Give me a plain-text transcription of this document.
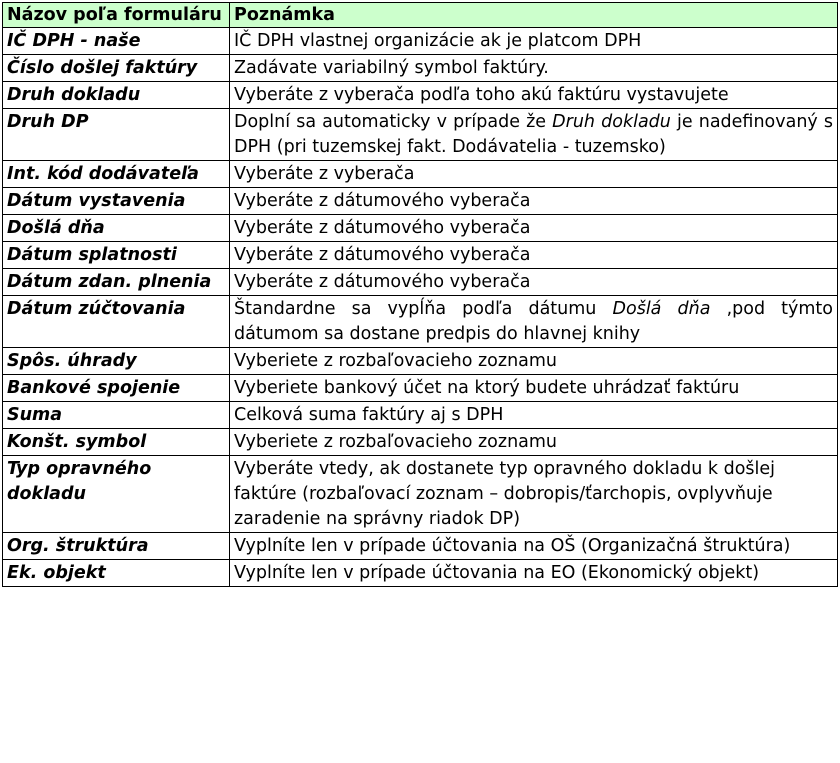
Názov poľa formuláru	Poznámka
IČ DPH - naše	IČ DPH vlastnej organizácie ak je platcom DPH
Číslo došlej faktúry	Zadávate variabilný symbol faktúry.
Druh dokladu	Vyberáte z vyberača podľa toho akú faktúru vystavujete
Druh DP	Doplní sa automaticky v prípade že Druh dokladu je nadefinovaný s DPH (pri tuzemskej fakt. Dodávatelia - tuzemsko)
Int. kód dodávateľa	Vyberáte z vyberača
Dátum vystavenia	Vyberáte z dátumového vyberača
Došlá dňa	Vyberáte z dátumového vyberača
Dátum splatnosti	Vyberáte z dátumového vyberača
Dátum zdan. plnenia	Vyberáte z dátumového vyberača
Dátum zúčtovania	Štandardne sa vypĺňa podľa dátumu Došlá dňa ,pod týmto dátumom sa dostane predpis do hlavnej knihy
Spôs. úhrady	Vyberiete z rozbaľovacieho zoznamu
Bankové spojenie	Vyberiete bankový účet na ktorý budete uhrádzať faktúru
Suma	Celková suma faktúry aj s DPH
Konšt. symbol	Vyberiete z rozbaľovacieho zoznamu
Typ opravného dokladu	Vyberáte vtedy, ak dostanete typ opravného dokladu k došlej faktúre (rozbaľovací zoznam – dobropis/ťarchopis, ovplyvňuje zaradenie na správny riadok DP)
Org. štruktúra	Vyplníte len v prípade účtovania na OŠ (Organizačná štruktúra)
Ek. objekt	Vyplníte len v prípade účtovania na EO (Ekonomický objekt)
